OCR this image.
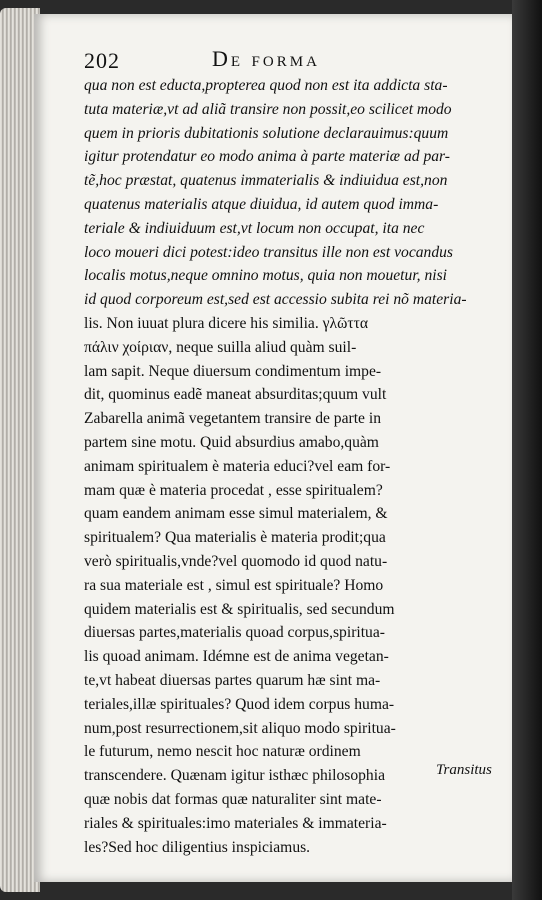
202	De forma
qua non est educta,propterea quod non est ita addicta sta-
tuta materiæ,vt ad aliã transire non possit,eo scilicet modo
quem in prioris dubitationis solutione declarauimus:quum
igitur protendatur eo modo anima à parte materiæ ad par-
tẽ,hoc præstat, quatenus immaterialis & indiuidua est,non
quatenus materialis atque diuidua, id autem quod imma-
teriale & indiuiduum est,vt locum non occupat, ita nec
loco moueri dici potest:ideo transitus ille non est vocandus
localis motus,neque omnino motus, quia non mouetur, nisi
id quod corporeum est,sed est accessio subita rei nõ materia-
lis. Non iuuat plura dicere his similia. γλῶττα
πάλιν χοίριαν, neque suilla aliud quàm suil-
lam sapit. Neque diuersum condimentum impe-
dit, quominus eadẽ maneat absurditas;quum vult
Zabarella animã vegetantem transire de parte in
partem sine motu. Quid absurdius amabo,quàm
animam spiritualem è materia educi?vel eam for-
mam quæ è materia procedat , esse spiritualem?
quam eandem animam esse simul materialem, &
spiritualem? Qua materialis è materia prodit;qua
verò spiritualis,vnde?vel quomodo id quod natu-
ra sua materiale est , simul est spirituale? Homo
quidem materialis est & spiritualis, sed secundum
diuersas partes,materialis quoad corpus,spiritua-
lis quoad animam. Idémne est de anima vegetan-
te,vt habeat diuersas partes quarum hæ sint ma-
teriales,illæ spirituales? Quod idem corpus huma-
num,post resurrectionem,sit aliquo modo spiritua-
le futurum, nemo nescit hoc naturæ ordinem
transcendere. Quænam igitur isthæc philosophia
quæ nobis dat formas quæ naturaliter sint mate-
riales & spirituales:imo materiales & immateria-
les?Sed hoc diligentius inspiciamus.
Transitus
